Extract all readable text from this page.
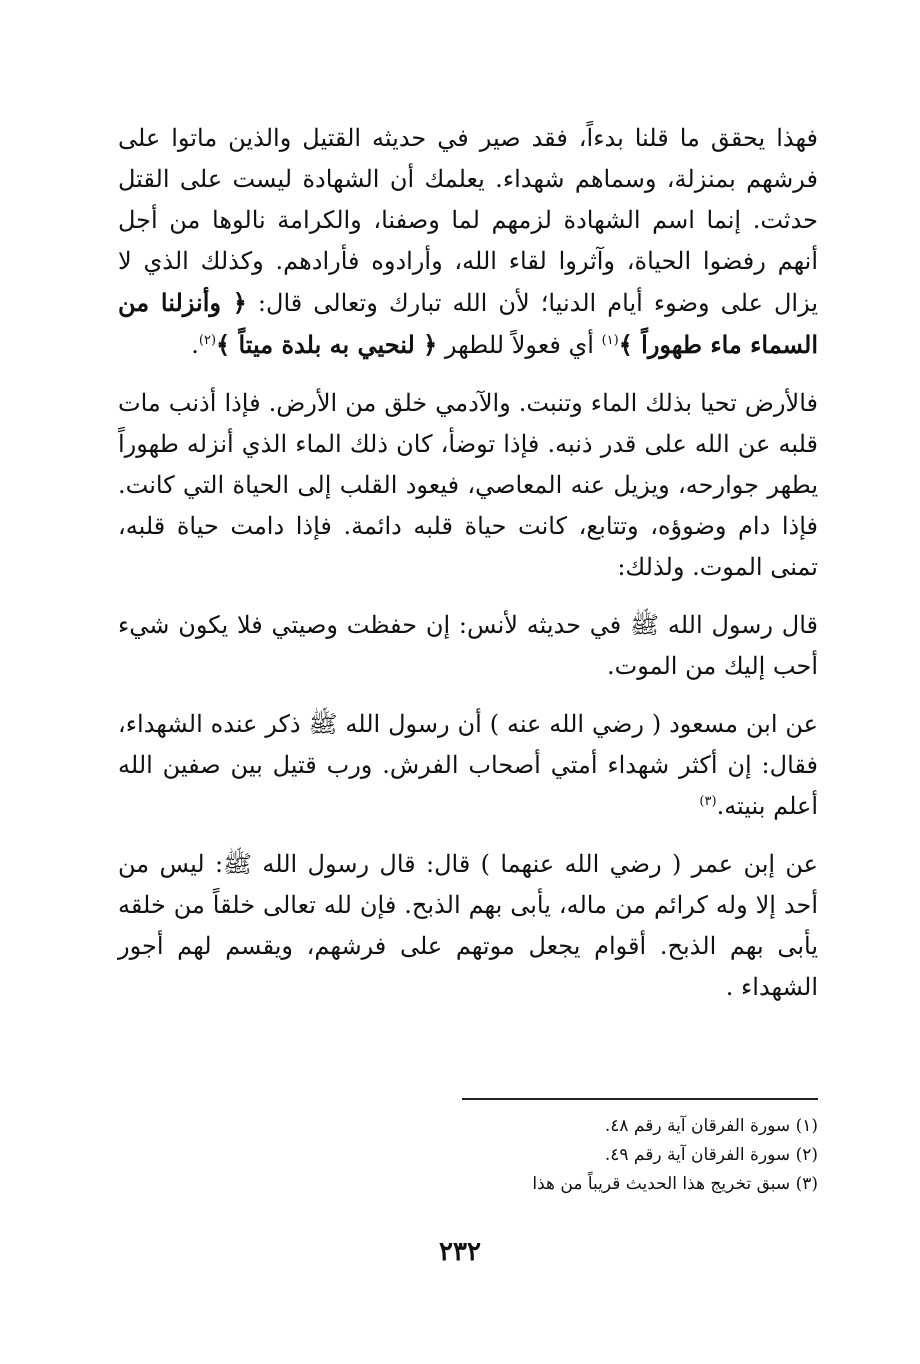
فهذا يحقق ما قلنا بدءاً، فقد صير في حديثه القتيل والذين ماتوا على فرشهم بمنزلة، وسماهم شهداء. يعلمك أن الشهادة ليست على القتل حدثت. إنما اسم الشهادة لزمهم لما وصفنا، والكرامة نالوها من أجل أنهم رفضوا الحياة، وآثروا لقاء الله، وأرادوه فأرادهم. وكذلك الذي لا يزال على وضوء أيام الدنيا؛ لأن الله تبارك وتعالى قال: ﴿ وأنزلنا من السماء ماء طهوراً ﴾$^{(١)}$ أي فعولاً للطهر ﴿ لنحيي به بلدة ميتاً ﴾$^{(٢)}$.

فالأرض تحيا بذلك الماء وتنبت. والآدمي خلق من الأرض. فإذا أذنب مات قلبه عن الله على قدر ذنبه. فإذا توضأ، كان ذلك الماء الذي أنزله طهوراً يطهر جوارحه، ويزيل عنه المعاصي، فيعود القلب إلى الحياة التي كانت. فإذا دام وضوؤه، وتتابع، كانت حياة قلبه دائمة. فإذا دامت حياة قلبه، تمنى الموت. ولذلك:

قال رسول الله ﷺ في حديثه لأنس: إن حفظت وصيتي فلا يكون شيء أحب إليك من الموت.

عن ابن مسعود ( رضي الله عنه ) أن رسول الله ﷺ ذكر عنده الشهداء، فقال: إن أكثر شهداء أمتي أصحاب الفرش. ورب قتيل بين صفين الله أعلم بنيته.$^{(٣)}$

عن إبن عمر ( رضي الله عنهما ) قال: قال رسول الله ﷺ: ليس من أحد إلا وله كرائم من ماله، يأبى بهم الذبح. فإن لله تعالى خلقاً من خلقه يأبى بهم الذبح. أقوام يجعل موتهم على فرشهم، ويقسم لهم أجور الشهداء .

(١) سورة الفرقان آية رقم ٤٨.

(٢) سورة الفرقان آية رقم ٤٩.

(٣) سبق تخريج هذا الحديث قريباً من هذا

٢٣٢
